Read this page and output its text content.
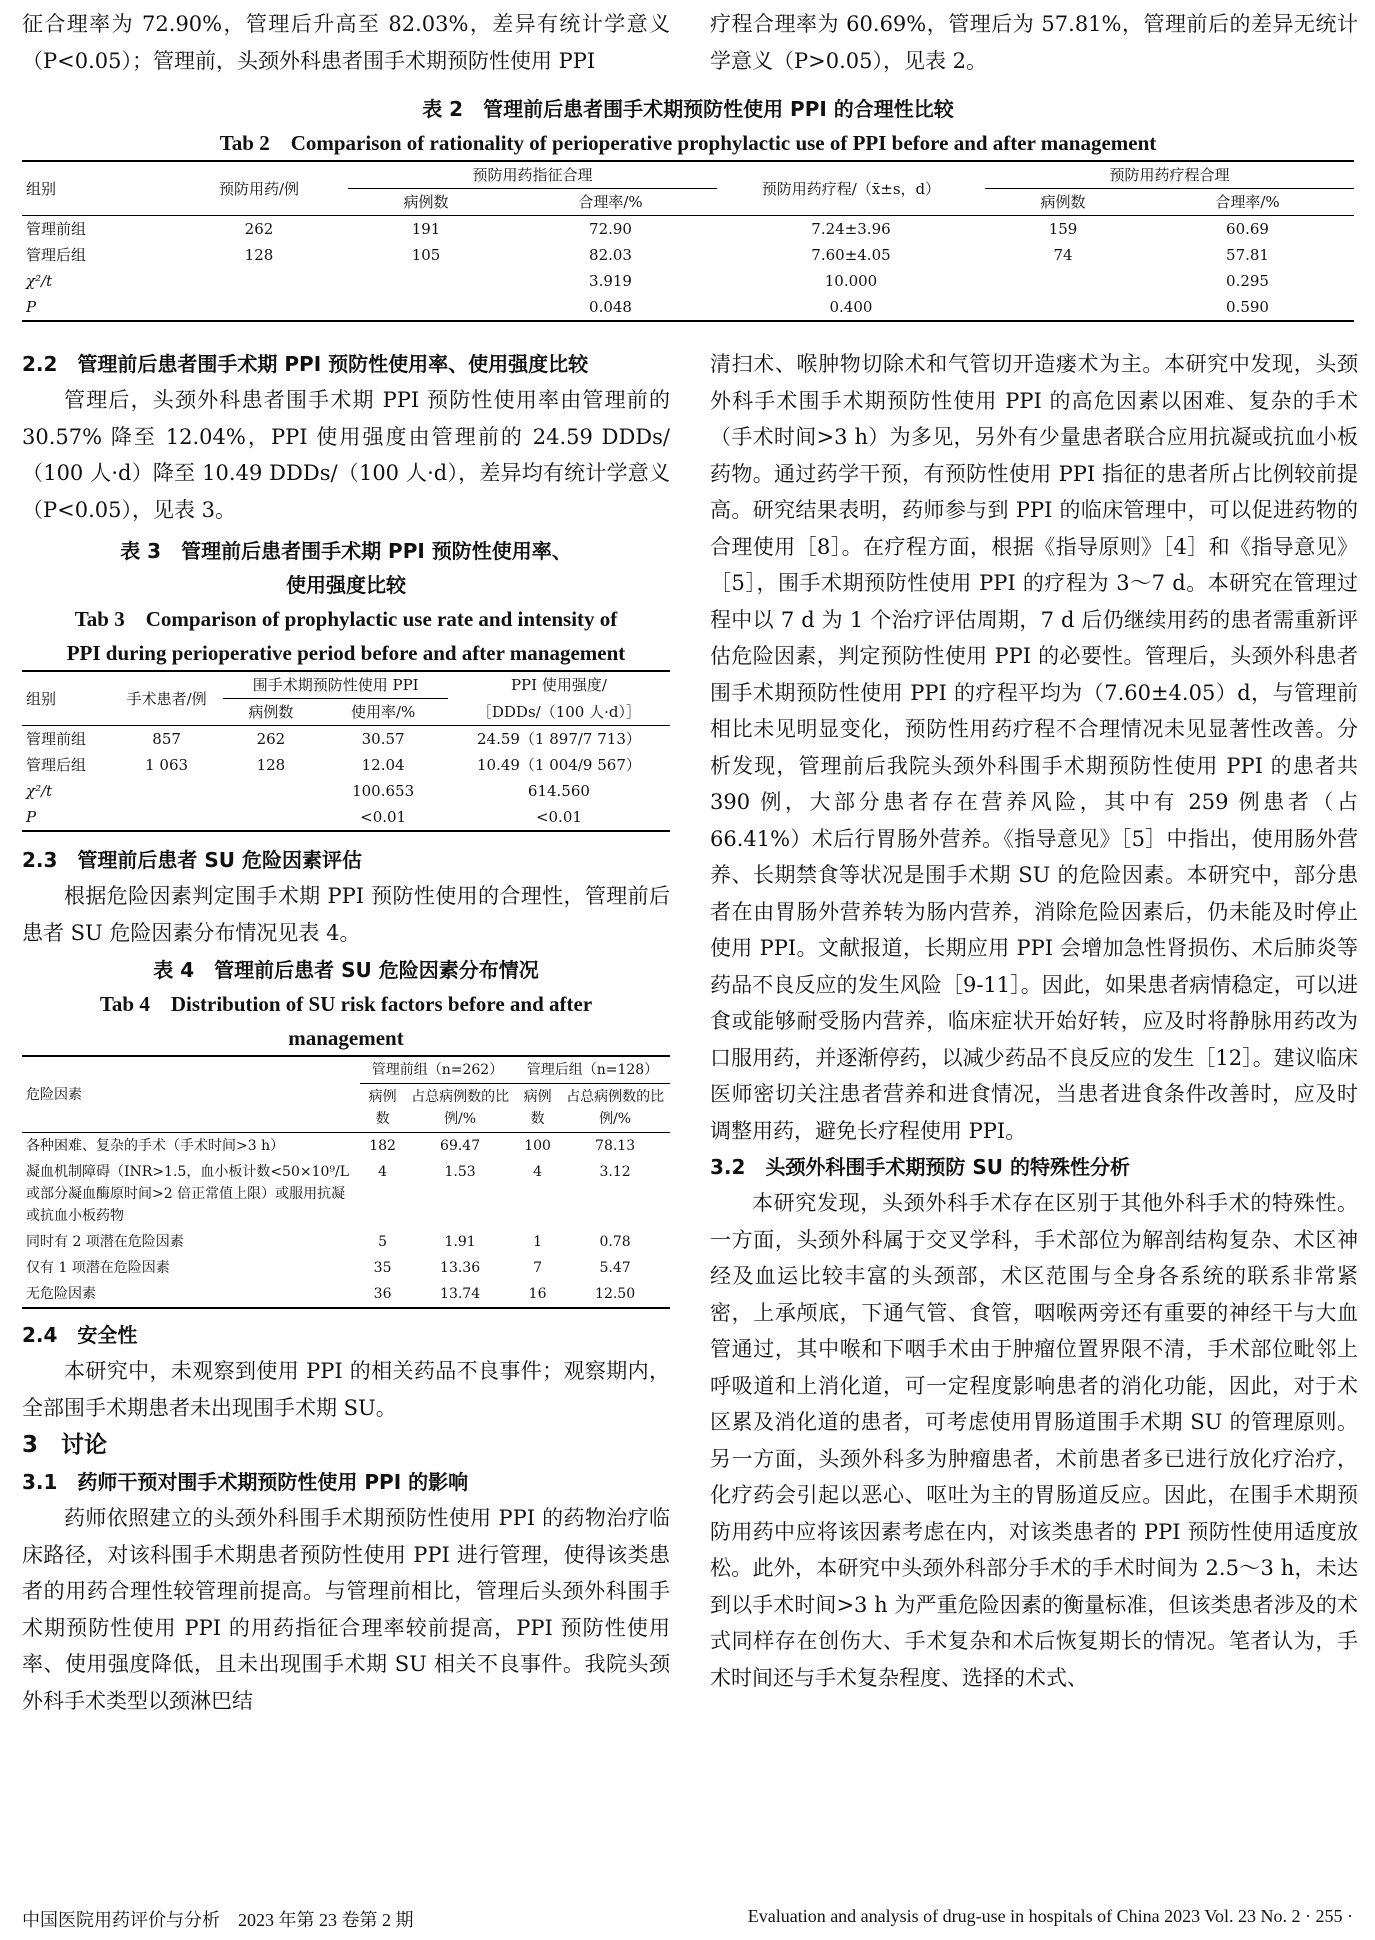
征合理率为 72.90%，管理后升高至 82.03%，差异有统计学意义（P<0.05）；管理前，头颈外科患者围手术期预防性使用 PPI

疗程合理率为 60.69%，管理后为 57.81%，管理前后的差异无统计学意义（P>0.05），见表 2。

表 2　管理前后患者围手术期预防性使用 PPI 的合理性比较
Tab 2　Comparison of rationality of perioperative prophylactic use of PPI before and after management
组别	预防用药/例	预防用药指征合理		预防用药疗程/（x̄±s，d）	预防用药疗程合理	
		病例数	合理率/%		病例数	合理率/%
管理前组	262	191	72.90	7.24±3.96	159	60.69
管理后组	128	105	82.03	7.60±4.05	74	57.81
χ²/t			3.919	10.000		0.295
P			0.048	0.400		0.590
2.2　管理前后患者围手术期 PPI 预防性使用率、使用强度比较

管理后，头颈外科患者围手术期 PPI 预防性使用率由管理前的 30.57% 降至 12.04%，PPI 使用强度由管理前的 24.59 DDDs/（100 人·d）降至 10.49 DDDs/（100 人·d），差异均有统计学意义（P<0.05），见表 3。

表 3　管理前后患者围手术期 PPI 预防性使用率、
使用强度比较
Tab 3　Comparison of prophylactic use rate and intensity of
PPI during perioperative period before and after management
组别	手术患者/例	围手术期预防性使用 PPI		PPI 使用强度/
		病例数	使用率/%	［DDDs/（100 人·d）］
管理前组	857	262	30.57	24.59（1 897/7 713）
管理后组	1 063	128	12.04	10.49（1 004/9 567）
χ²/t			100.653	614.560
P			<0.01	<0.01
2.3　管理前后患者 SU 危险因素评估

根据危险因素判定围手术期 PPI 预防性使用的合理性，管理前后患者 SU 危险因素分布情况见表 4。

表 4　管理前后患者 SU 危险因素分布情况
Tab 4　Distribution of SU risk factors before and after
management
危险因素	管理前组（n=262）		管理后组（n=128）	
	病例数	占总病例数的比例/%	病例数	占总病例数的比例/%
各种困难、复杂的手术（手术时间>3 h）	182	69.47	100	78.13
凝血机制障碍（INR>1.5，血小板计数<50×10⁹/L 或部分凝血酶原时间>2 倍正常值上限）或服用抗凝或抗血小板药物	4	1.53	4	3.12
同时有 2 项潜在危险因素	5	1.91	1	0.78
仅有 1 项潜在危险因素	35	13.36	7	5.47
无危险因素	36	13.74	16	12.50
2.4　安全性

本研究中，未观察到使用 PPI 的相关药品不良事件；观察期内，全部围手术期患者未出现围手术期 SU。

3　讨论
3.1　药师干预对围手术期预防性使用 PPI 的影响

药师依照建立的头颈外科围手术期预防性使用 PPI 的药物治疗临床路径，对该科围手术期患者预防性使用 PPI 进行管理，使得该类患者的用药合理性较管理前提高。与管理前相比，管理后头颈外科围手术期预防性使用 PPI 的用药指征合理率较前提高，PPI 预防性使用率、使用强度降低，且未出现围手术期 SU 相关不良事件。我院头颈外科手术类型以颈淋巴结

清扫术、喉肿物切除术和气管切开造瘘术为主。本研究中发现，头颈外科手术围手术期预防性使用 PPI 的高危因素以困难、复杂的手术（手术时间>3 h）为多见，另外有少量患者联合应用抗凝或抗血小板药物。通过药学干预，有预防性使用 PPI 指征的患者所占比例较前提高。研究结果表明，药师参与到 PPI 的临床管理中，可以促进药物的合理使用［8］。在疗程方面，根据《指导原则》［4］和《指导意见》［5］，围手术期预防性使用 PPI 的疗程为 3～7 d。本研究在管理过程中以 7 d 为 1 个治疗评估周期，7 d 后仍继续用药的患者需重新评估危险因素，判定预防性使用 PPI 的必要性。管理后，头颈外科患者围手术期预防性使用 PPI 的疗程平均为（7.60±4.05）d，与管理前相比未见明显变化，预防性用药疗程不合理情况未见显著性改善。分析发现，管理前后我院头颈外科围手术期预防性使用 PPI 的患者共 390 例，大部分患者存在营养风险，其中有 259 例患者（占 66.41%）术后行胃肠外营养。《指导意见》［5］中指出，使用肠外营养、长期禁食等状况是围手术期 SU 的危险因素。本研究中，部分患者在由胃肠外营养转为肠内营养，消除危险因素后，仍未能及时停止使用 PPI。文献报道，长期应用 PPI 会增加急性肾损伤、术后肺炎等药品不良反应的发生风险［9-11］。因此，如果患者病情稳定，可以进食或能够耐受肠内营养，临床症状开始好转，应及时将静脉用药改为口服用药，并逐渐停药，以减少药品不良反应的发生［12］。建议临床医师密切关注患者营养和进食情况，当患者进食条件改善时，应及时调整用药，避免长疗程使用 PPI。

3.2　头颈外科围手术期预防 SU 的特殊性分析

本研究发现，头颈外科手术存在区别于其他外科手术的特殊性。一方面，头颈外科属于交叉学科，手术部位为解剖结构复杂、术区神经及血运比较丰富的头颈部，术区范围与全身各系统的联系非常紧密，上承颅底，下通气管、食管，咽喉两旁还有重要的神经干与大血管通过，其中喉和下咽手术由于肿瘤位置界限不清，手术部位毗邻上呼吸道和上消化道，可一定程度影响患者的消化功能，因此，对于术区累及消化道的患者，可考虑使用胃肠道围手术期 SU 的管理原则。另一方面，头颈外科多为肿瘤患者，术前患者多已进行放化疗治疗，化疗药会引起以恶心、呕吐为主的胃肠道反应。因此，在围手术期预防用药中应将该因素考虑在内，对该类患者的 PPI 预防性使用适度放松。此外，本研究中头颈外科部分手术的手术时间为 2.5～3 h，未达到以手术时间>3 h 为严重危险因素的衡量标准，但该类患者涉及的术式同样存在创伤大、手术复杂和术后恢复期长的情况。笔者认为，手术时间还与手术复杂程度、选择的术式、

中国医院用药评价与分析　2023 年第 23 卷第 2 期	Evaluation and analysis of drug-use in hospitals of China 2023 Vol. 23 No. 2 · 255 ·
